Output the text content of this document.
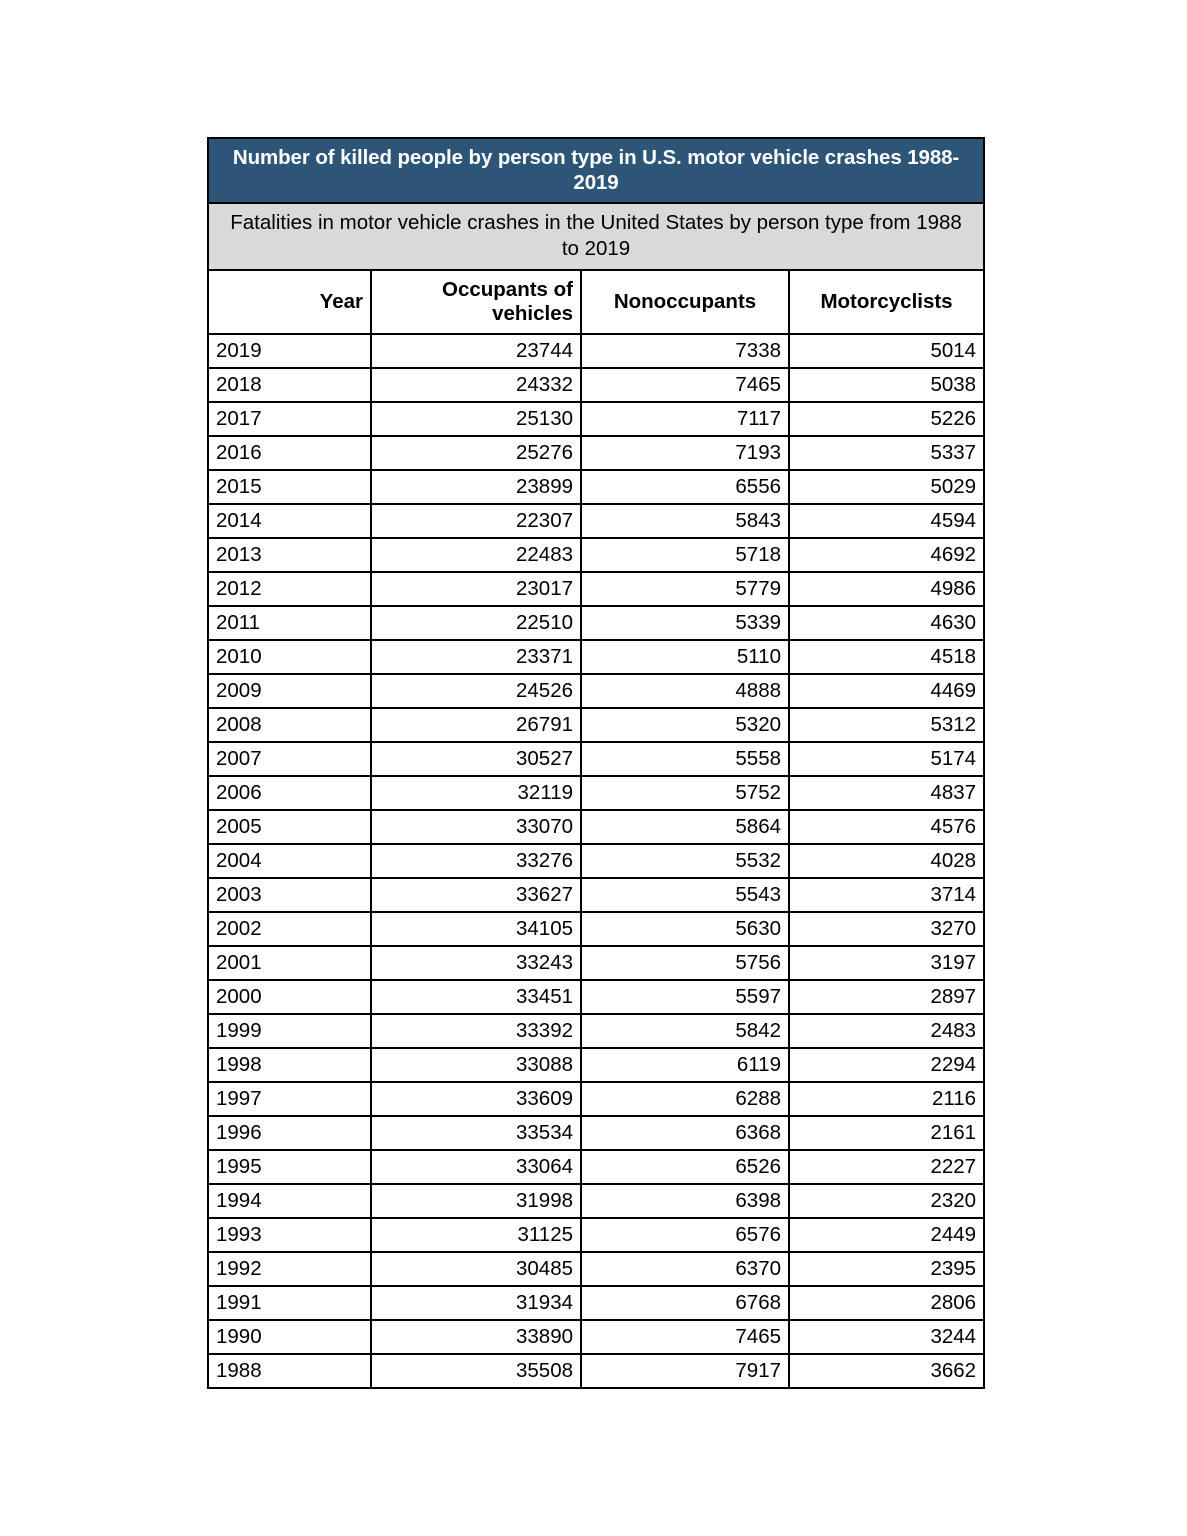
Number of killed people by person type in U.S. motor vehicle crashes 1988-2019			
Fatalities in motor vehicle crashes in the United States by person type from 1988 to 2019			
Year	Occupants of vehicles	Nonoccupants	Motorcyclists
2019	23744	7338	5014
2018	24332	7465	5038
2017	25130	7117	5226
2016	25276	7193	5337
2015	23899	6556	5029
2014	22307	5843	4594
2013	22483	5718	4692
2012	23017	5779	4986
2011	22510	5339	4630
2010	23371	5110	4518
2009	24526	4888	4469
2008	26791	5320	5312
2007	30527	5558	5174
2006	32119	5752	4837
2005	33070	5864	4576
2004	33276	5532	4028
2003	33627	5543	3714
2002	34105	5630	3270
2001	33243	5756	3197
2000	33451	5597	2897
1999	33392	5842	2483
1998	33088	6119	2294
1997	33609	6288	2116
1996	33534	6368	2161
1995	33064	6526	2227
1994	31998	6398	2320
1993	31125	6576	2449
1992	30485	6370	2395
1991	31934	6768	2806
1990	33890	7465	3244
1988	35508	7917	3662
